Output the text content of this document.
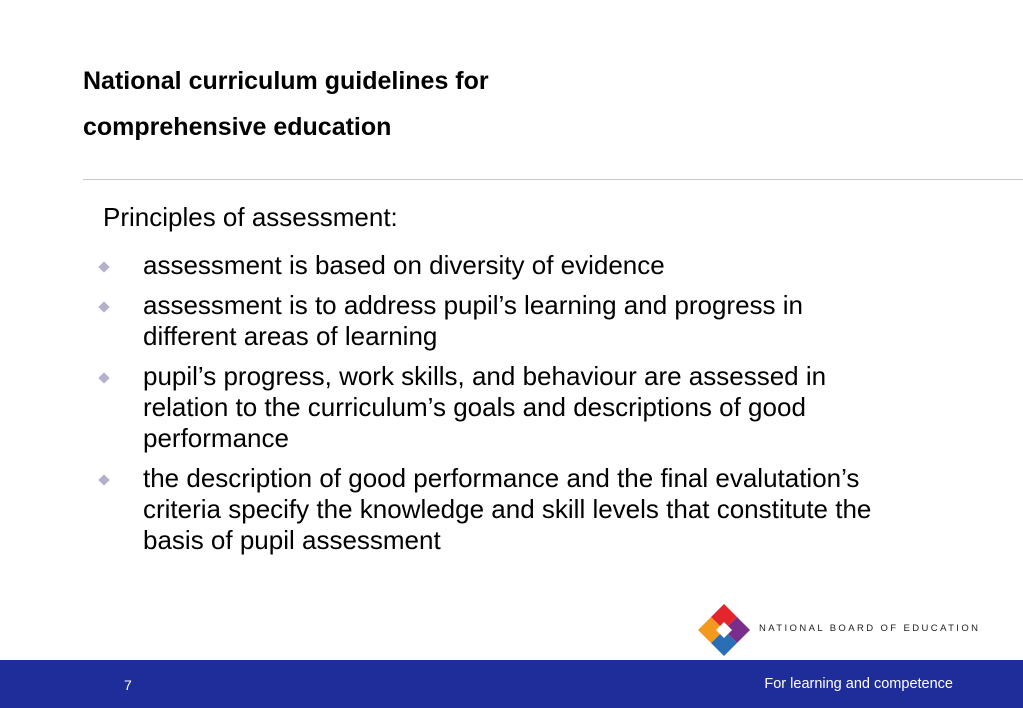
National curriculum guidelines for
comprehensive education
Principles of assessment:
assessment is based on diversity of evidence
assessment is to address pupil’s learning and progress in different areas of learning
pupil’s progress, work skills, and behaviour are assessed in relation to the curriculum’s goals and descriptions of good performance
the description of good performance and the final evalutation’s criteria specify the knowledge and skill levels that constitute the basis of pupil assessment
NATIONAL BOARD OF EDUCATION
7	For learning and competence
